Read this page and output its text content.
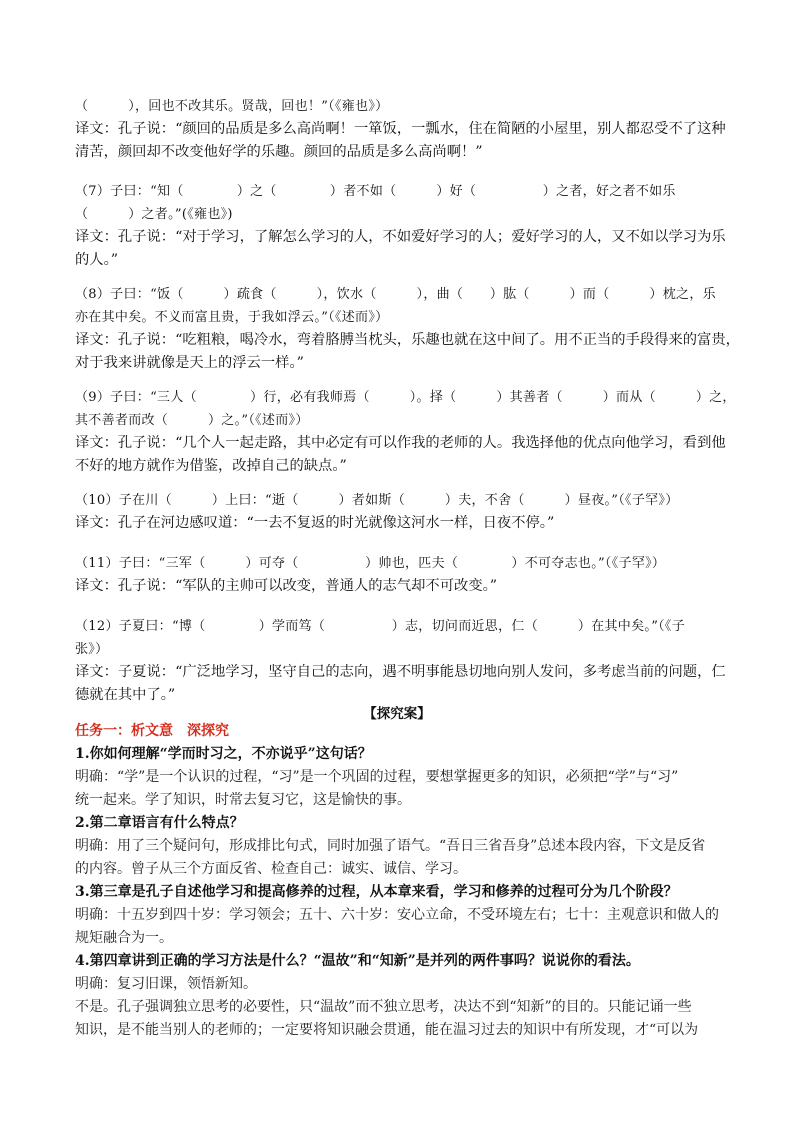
（　　　），回也不改其乐。贤哉，回也！”（《雍也》）
译文：孔子说：“颜回的品质是多么高尚啊！一箪饭，一瓢水，住在简陋的小屋里，别人都忍受不了这种
清苦，颜回却不改变他好学的乐趣。颜回的品质是多么高尚啊！”
（7）子曰：“知（　　　　）之（　　　　）者不如（　　　）好（　　　　　）之者，好之者不如乐
（　　　）之者。”(《雍也》)
译文：孔子说：“对于学习，了解怎么学习的人，不如爱好学习的人；爱好学习的人，又不如以学习为乐
的人。”
（8）子曰：“饭（　　　）疏食（　　　），饮水（　　　），曲（　　）肱（　　　）而（　　　）枕之，乐
亦在其中矣。不义而富且贵，于我如浮云。”（《述而》）
译文：孔子说：“吃粗粮，喝冷水，弯着胳膊当枕头，乐趣也就在这中间了。用不正当的手段得来的富贵，
对于我来讲就像是天上的浮云一样。”
（9）子曰：“三人（　　　　）行，必有我师焉（　　　）。择（　　　）其善者（　　　）而从（　　　）之，
其不善者而改（　　　）之。”（《述而》）
译文：孔子说：“几个人一起走路，其中必定有可以作我的老师的人。我选择他的优点向他学习，看到他
不好的地方就作为借鉴，改掉自己的缺点。”
（10）子在川（　　　）上曰：“逝（　　　）者如斯（　　　）夫，不舍（　　　）昼夜。”（《子罕》）
译文：孔子在河边感叹道：“一去不复返的时光就像这河水一样，日夜不停。”
（11）子曰：“三军（　　　）可夺（　　　　　）帅也，匹夫（　　　　）不可夺志也。”（《子罕》）
译文：孔子说：“军队的主帅可以改变，普通人的志气却不可改变。”
（12）子夏曰：“博（　　　　）学而笃（　　　　　）志，切问而近思，仁（　　　）在其中矣。”（《子
张》）
译文：子夏说：“广泛地学习，坚守自己的志向，遇不明事能恳切地向别人发问，多考虑当前的问题，仁
德就在其中了。”
【探究案】
任务一：析文意　深探究
1.你如何理解“学而时习之，不亦说乎”这句话？
明确：“学”是一个认识的过程，“习”是一个巩固的过程，要想掌握更多的知识，必须把“学”与“习”
统一起来。学了知识，时常去复习它，这是愉快的事。
2.第二章语言有什么特点？
明确：用了三个疑问句，形成排比句式，同时加强了语气。“吾日三省吾身”总述本段内容，下文是反省
的内容。曾子从三个方面反省、检查自己：诚实、诚信、学习。
3.第三章是孔子自述他学习和提高修养的过程，从本章来看，学习和修养的过程可分为几个阶段？
明确：十五岁到四十岁：学习领会；五十、六十岁：安心立命，不受环境左右；七十：主观意识和做人的
规矩融合为一。
4.第四章讲到正确的学习方法是什么？“温故”和“知新”是并列的两件事吗？说说你的看法。
明确：复习旧课，领悟新知。
不是。孔子强调独立思考的必要性，只“温故”而不独立思考，决达不到“知新”的目的。只能记诵一些
知识，是不能当别人的老师的；一定要将知识融会贯通，能在温习过去的知识中有所发现，才“可以为
